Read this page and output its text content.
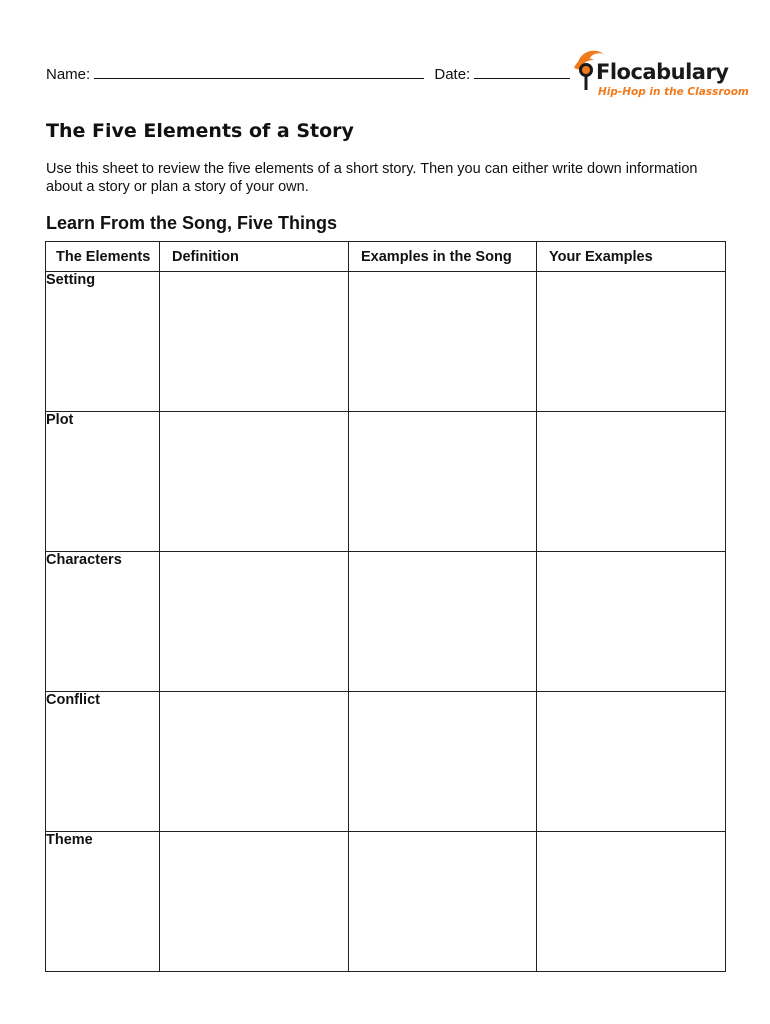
Name:	Date:	Flocabulary
Hip-Hop in the Classroom
The Five Elements of a Story

Use this sheet to review the five elements of a short story. Then you can either write down information about a story or plan a story of your own.

Learn From the Song, Five Things
The Elements	Definition	Examples in the Song	Your Examples
Setting			
Plot			
Characters			
Conflict			
Theme			
